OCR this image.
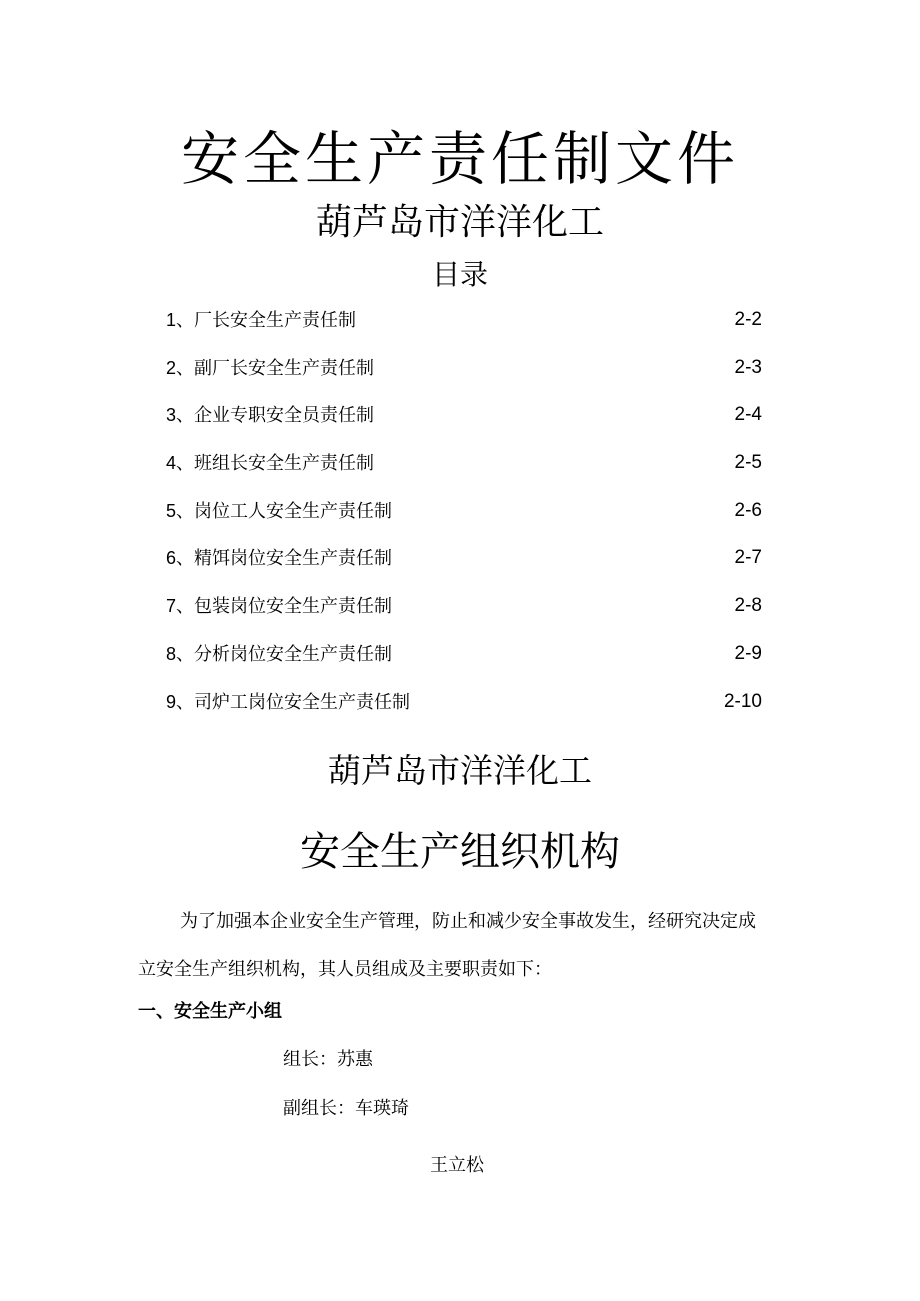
安全生产责任制文件
葫芦岛市洋洋化工
目录
1、厂长安全生产责任制	2-2
2、副厂长安全生产责任制	2-3
3、企业专职安全员责任制	2-4
4、班组长安全生产责任制	2-5
5、岗位工人安全生产责任制	2-6
6、精饵岗位安全生产责任制	2-7
7、包装岗位安全生产责任制	2-8
8、分析岗位安全生产责任制	2-9
9、司炉工岗位安全生产责任制	2-10
葫芦岛市洋洋化工
安全生产组织机构

为了加强本企业安全生产管理，防止和减少安全事故发生，经研究决定成立安全生产组织机构，其人员组成及主要职责如下：

一、安全生产小组
组长：苏惠
副组长：车瑛琦
王立松
